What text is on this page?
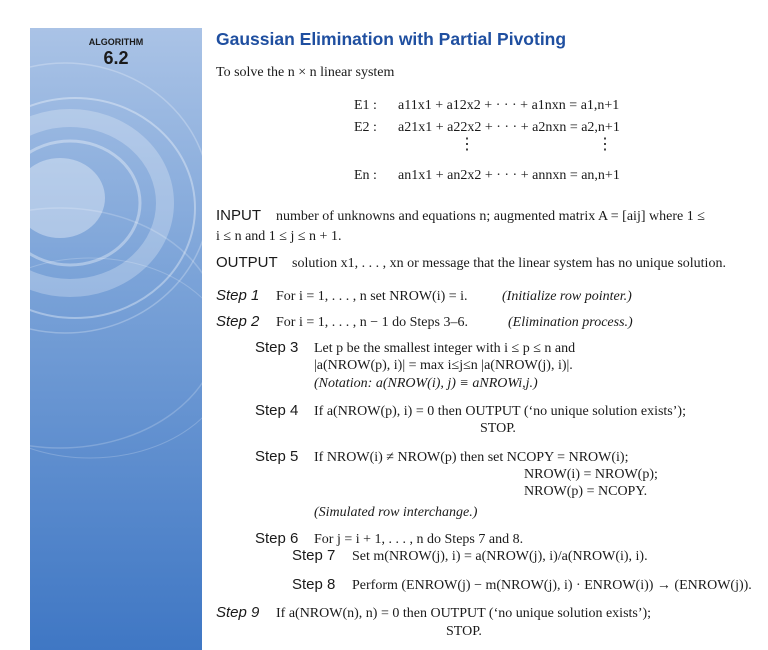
ALGORITHM
6.2
Gaussian Elimination with Partial Pivoting
To solve the n × n linear system
E1 : a11x1 + a12x2 + · · · + a1nxn = a1,n+1
E2 : a21x1 + a22x2 + · · · + a2nxn = a2,n+1
⋮	⋮
En : an1x1 + an2x2 + · · · + annxn = an,n+1
INPUT number of unknowns and equations n; augmented matrix A = [aij] where 1 ≤
i ≤ n and 1 ≤ j ≤ n + 1.
OUTPUT solution x1, . . . , xn or message that the linear system has no unique solution.
Step 1 For i = 1, . . . , n set NROW(i) = i. (Initialize row pointer.)
Step 2 For i = 1, . . . , n − 1 do Steps 3–6.	(Elimination process.)
Step 3 Let p be the smallest integer with i ≤ p ≤ n and
|a(NROW(p), i)| = max i≤j≤n |a(NROW(j), i)|.
(Notation: a(NROW(i), j) ≡ aNROWi,j.)
Step 4 If a(NROW(p), i) = 0 then OUTPUT (‘no unique solution exists’);
STOP.
Step 5 If NROW(i) ≠ NROW(p) then set NCOPY = NROW(i);
NROW(i) = NROW(p);
NROW(p) = NCOPY.
(Simulated row interchange.)
Step 6 For j = i + 1, . . . , n do Steps 7 and 8.
Step 7 Set m(NROW(j), i) = a(NROW(j), i)/a(NROW(i), i).
Step 8 Perform (ENROW(j) − m(NROW(j), i) · ENROW(i)) → (ENROW(j)).
Step 9 If a(NROW(n), n) = 0 then OUTPUT (‘no unique solution exists’);
STOP.
